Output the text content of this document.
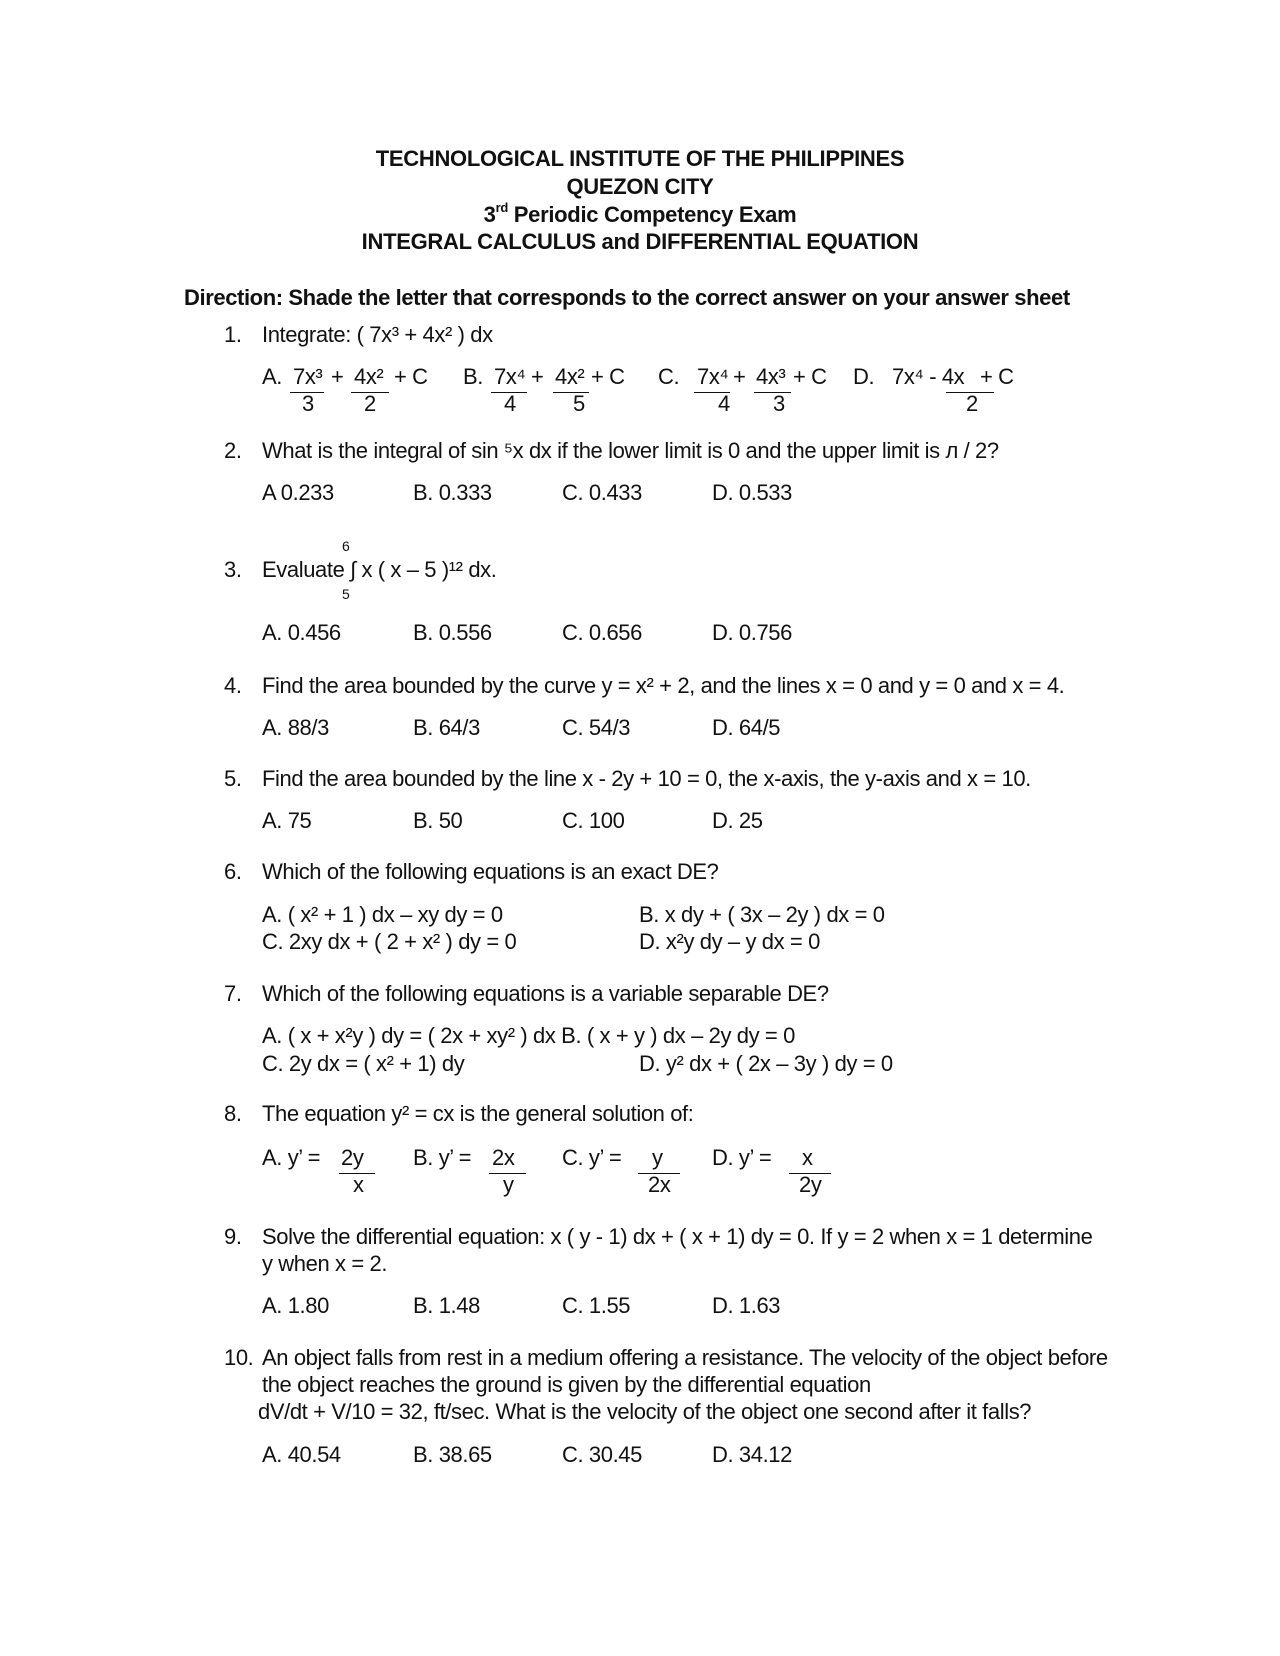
TECHNOLOGICAL INSTITUTE OF THE PHILIPPINES
QUEZON CITY
3rd Periodic Competency Exam
INTEGRAL CALCULUS and DIFFERENTIAL EQUATION
Direction: Shade the letter that corresponds to the correct answer on your answer sheet
1. Integrate: ( 7x³ + 4x² ) dx
A. 7x³ + 4x² + C
3 2
B. 7x⁴ + 4x² + C
4	5
C. 7x⁴ + 4x³ + C
4 3
D. 7x⁴ - 4x + C
2
2. What is the integral of sin ⁵x dx if the lower limit is 0 and the upper limit is л / 2?
A 0.233	B. 0.333	C. 0.433	D. 0.533
6
3. Evaluate ∫ x ( x – 5 )¹² dx.
5
A. 0.456	B. 0.556	C. 0.656	D. 0.756
4. Find the area bounded by the curve y = x² + 2, and the lines x = 0 and y = 0 and x = 4.
A. 88/3	B. 64/3	C. 54/3	D. 64/5
5. Find the area bounded by the line x - 2y + 10 = 0, the x-axis, the y-axis and x = 10.
A. 75	B. 50	C. 100	D. 25
6. Which of the following equations is an exact DE?
A. ( x² + 1 ) dx – xy dy = 0	B. x dy + ( 3x – 2y ) dx = 0
C. 2xy dx + ( 2 + x² ) dy = 0	D. x²y dy – y dx = 0
7. Which of the following equations is a variable separable DE?
A. ( x + x²y ) dy = ( 2x + xy² ) dx B. ( x + y ) dx – 2y dy = 0
C. 2y dx = ( x² + 1) dy	D. y² dx + ( 2x – 3y ) dy = 0
8. The equation y² = cx is the general solution of:
A. y’ = 2y
x
B. y’ = 2x
y
C. y’ = y
2x
D. y’ = x
2y
9. Solve the differential equation: x ( y - 1) dx + ( x + 1) dy = 0. If y = 2 when x = 1 determine
y when x = 2.
A. 1.80	B. 1.48	C. 1.55	D. 1.63
10. An object falls from rest in a medium offering a resistance. The velocity of the object before
the object reaches the ground is given by the differential equation
dV/dt + V/10 = 32, ft/sec. What is the velocity of the object one second after it falls?
A. 40.54	B. 38.65	C. 30.45	D. 34.12
